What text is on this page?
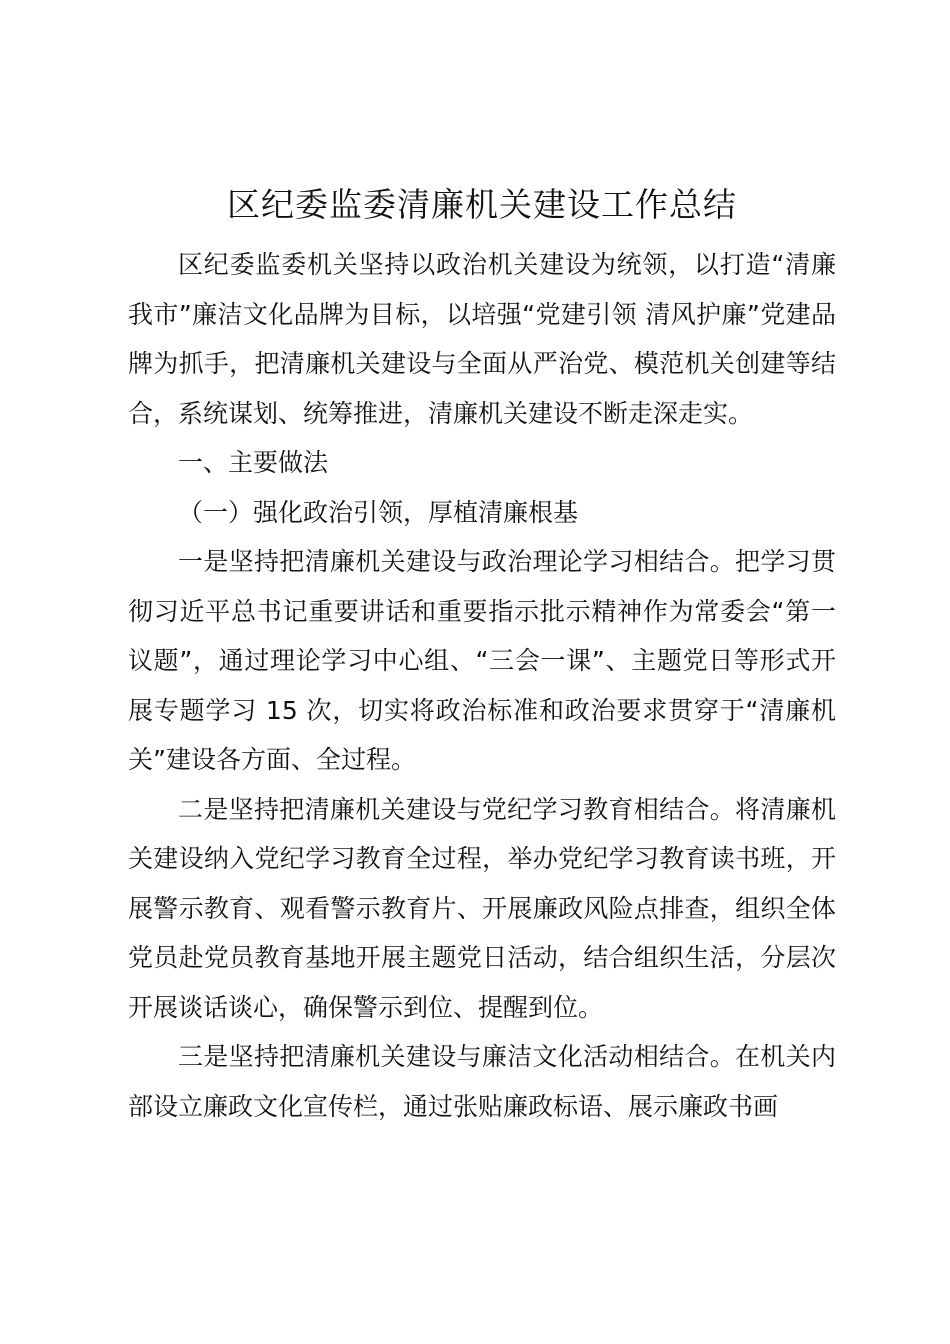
区纪委监委清廉机关建设工作总结

区纪委监委机关坚持以政治机关建设为统领，以打造“清廉我市”廉洁文化品牌为目标，以培强“党建引领 清风护廉”党建品牌为抓手，把清廉机关建设与全面从严治党、模范机关创建等结合，系统谋划、统筹推进，清廉机关建设不断走深走实。

一、主要做法

（一）强化政治引领，厚植清廉根基

一是坚持把清廉机关建设与政治理论学习相结合。把学习贯彻习近平总书记重要讲话和重要指示批示精神作为常委会“第一议题”，通过理论学习中心组、“三会一课”、主题党日等形式开展专题学习 15 次，切实将政治标准和政治要求贯穿于“清廉机关”建设各方面、全过程。

二是坚持把清廉机关建设与党纪学习教育相结合。将清廉机关建设纳入党纪学习教育全过程，举办党纪学习教育读书班，开展警示教育、观看警示教育片、开展廉政风险点排查，组织全体党员赴党员教育基地开展主题党日活动，结合组织生活，分层次开展谈话谈心，确保警示到位、提醒到位。

三是坚持把清廉机关建设与廉洁文化活动相结合。在机关内部设立廉政文化宣传栏，通过张贴廉政标语、展示廉政书画
